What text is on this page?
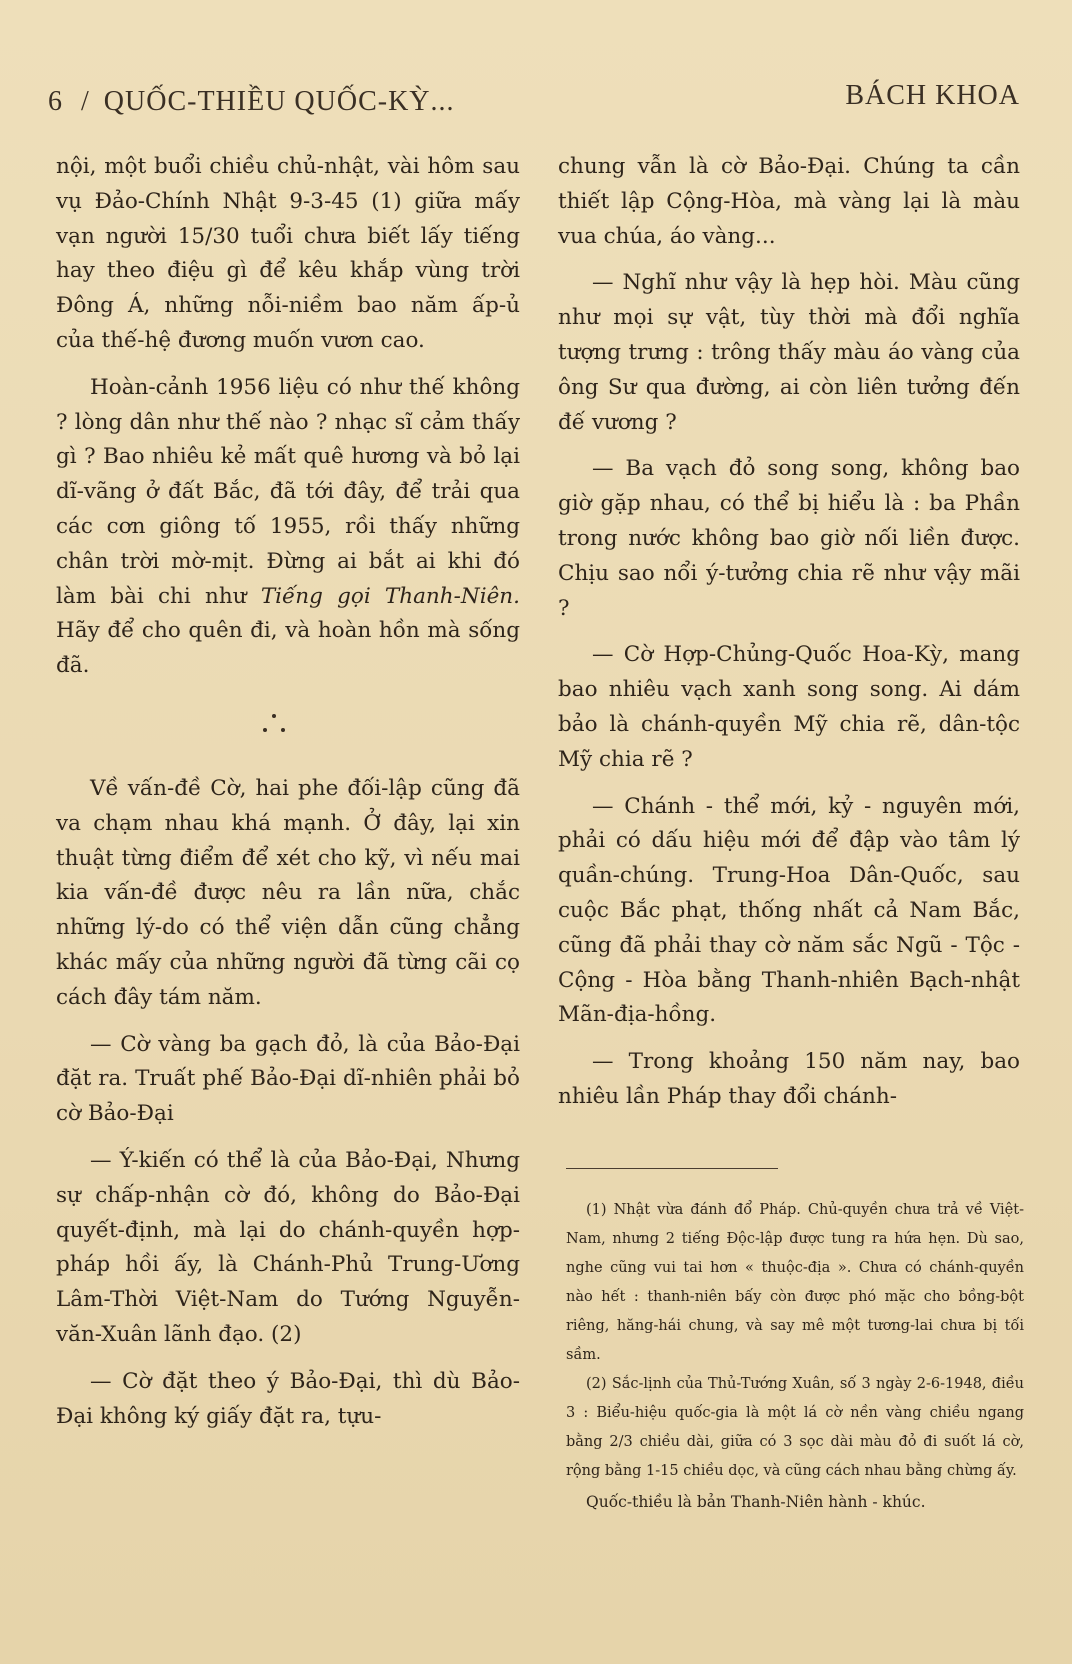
6 / QUỐC-THIỀU QUỐC-KỲ...	BÁCH KHOA

nội, một buổi chiều chủ-nhật, vài hôm sau vụ Đảo-Chính Nhật 9-3-45 (1) giữa mấy vạn người 15/30 tuổi chưa biết lấy tiếng hay theo điệu gì để kêu khắp vùng trời Đông Á, những nỗi-niềm bao năm ấp-ủ của thế-hệ đương muốn vươn cao.

Hoàn-cảnh 1956 liệu có như thế không ? lòng dân như thế nào ? nhạc sĩ cảm thấy gì ? Bao nhiêu kẻ mất quê hương và bỏ lại dĩ-vãng ở đất Bắc, đã tới đây, để trải qua các cơn giông tố 1955, rồi thấy những chân trời mờ-mịt. Đừng ai bắt ai khi đó làm bài chi như Tiếng gọi Thanh-Niên. Hãy để cho quên đi, và hoàn hồn mà sống đã.

Về vấn-đề Cờ, hai phe đối-lập cũng đã va chạm nhau khá mạnh. Ở đây, lại xin thuật từng điểm để xét cho kỹ, vì nếu mai kia vấn-đề được nêu ra lần nữa, chắc những lý-do có thể viện dẫn cũng chẳng khác mấy của những người đã từng cãi cọ cách đây tám năm.

— Cờ vàng ba gạch đỏ, là của Bảo-Đại đặt ra. Truất phế Bảo-Đại dĩ-nhiên phải bỏ cờ Bảo-Đại

— Ý-kiến có thể là của Bảo-Đại, Nhưng sự chấp-nhận cờ đó, không do Bảo-Đại quyết-định, mà lại do chánh-quyền hợp-pháp hồi ấy, là Chánh-Phủ Trung-Ương Lâm-Thời Việt-Nam do Tướng Nguyễn-văn-Xuân lãnh đạo. (2)

— Cờ đặt theo ý Bảo-Đại, thì dù Bảo-Đại không ký giấy đặt ra, tựu-

chung vẫn là cờ Bảo-Đại. Chúng ta cần thiết lập Cộng-Hòa, mà vàng lại là màu vua chúa, áo vàng...

— Nghĩ như vậy là hẹp hòi. Màu cũng như mọi sự vật, tùy thời mà đổi nghĩa tượng trưng : trông thấy màu áo vàng của ông Sư qua đường, ai còn liên tưởng đến đế vương ?

— Ba vạch đỏ song song, không bao giờ gặp nhau, có thể bị hiểu là : ba Phần trong nước không bao giờ nối liền được. Chịu sao nổi ý-tưởng chia rẽ như vậy mãi ?

— Cờ Hợp-Chủng-Quốc Hoa-Kỳ, mang bao nhiêu vạch xanh song song. Ai dám bảo là chánh-quyền Mỹ chia rẽ, dân-tộc Mỹ chia rẽ ?

— Chánh - thể mới, kỷ - nguyên mới, phải có dấu hiệu mới để đập vào tâm lý quần-chúng. Trung-Hoa Dân-Quốc, sau cuộc Bắc phạt, thống nhất cả Nam Bắc, cũng đã phải thay cờ năm sắc Ngũ - Tộc - Cộng - Hòa bằng Thanh-nhiên Bạch-nhật Mãn-địa-hồng.

— Trong khoảng 150 năm nay, bao nhiêu lần Pháp thay đổi chánh-

(1) Nhật vừa đánh đổ Pháp. Chủ-quyền chưa trả về Việt-Nam, nhưng 2 tiếng Độc-lập được tung ra hứa hẹn. Dù sao, nghe cũng vui tai hơn « thuộc-địa ». Chưa có chánh-quyền nào hết : thanh-niên bấy còn được phó mặc cho bồng-bột riêng, hăng-hái chung, và say mê một tương-lai chưa bị tối sầm.

(2) Sắc-lịnh của Thủ-Tướng Xuân, số 3 ngày 2-6-1948, điều 3 : Biểu-hiệu quốc-gia là một lá cờ nền vàng chiều ngang bằng 2/3 chiều dài, giữa có 3 sọc dài màu đỏ đi suốt lá cờ, rộng bằng 1-15 chiều dọc, và cũng cách nhau bằng chừng ấy.

Quốc-thiều là bản Thanh-Niên hành - khúc.
